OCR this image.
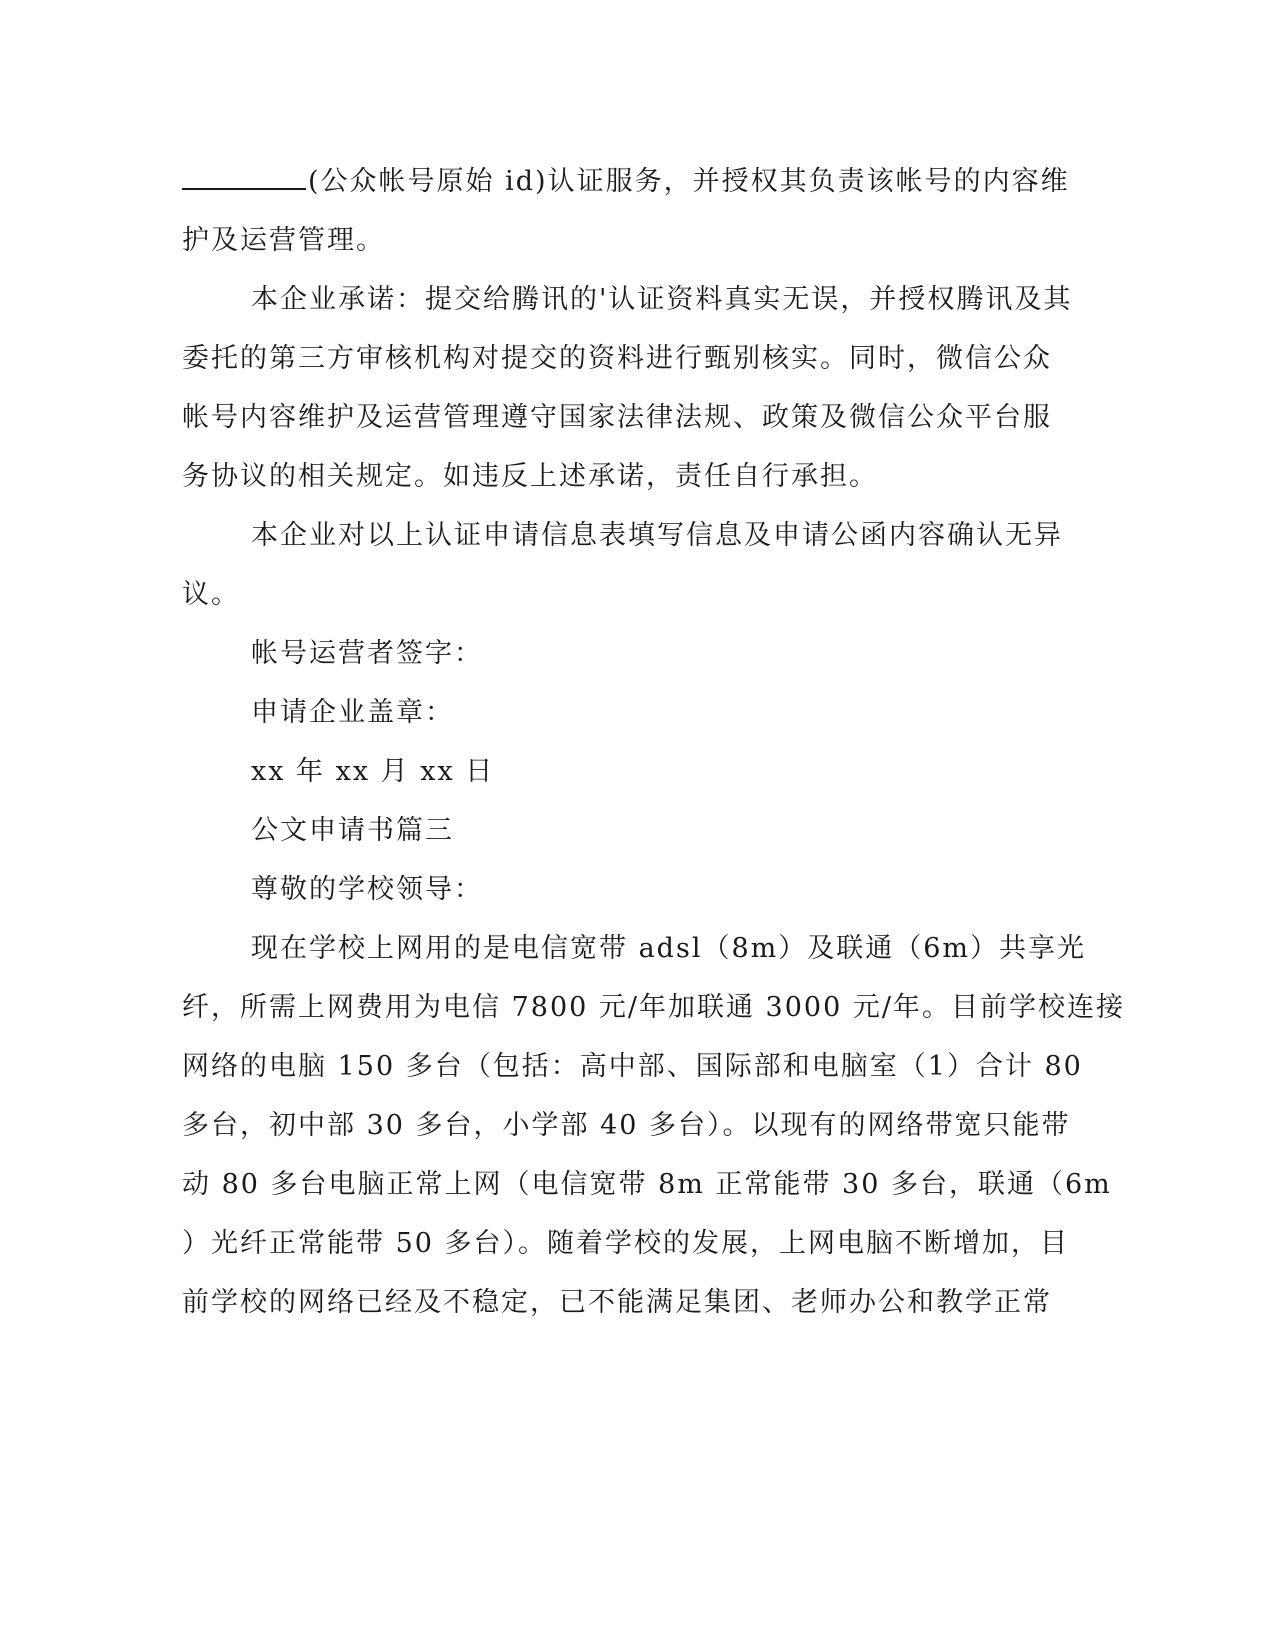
(公众帐号原始 id)认证服务，并授权其负责该帐号的内容维
护及运营管理。
本企业承诺：提交给腾讯的'认证资料真实无误，并授权腾讯及其
委托的第三方审核机构对提交的资料进行甄别核实。同时，微信公众
帐号内容维护及运营管理遵守国家法律法规、政策及微信公众平台服
务协议的相关规定。如违反上述承诺，责任自行承担。
本企业对以上认证申请信息表填写信息及申请公函内容确认无异
议。
帐号运营者签字：
申请企业盖章：
xx 年 xx 月 xx 日
公文申请书篇三
尊敬的学校领导：
现在学校上网用的是电信宽带 adsl（8m）及联通（6m）共享光
纤，所需上网费用为电信 7800 元/年加联通 3000 元/年。目前学校连接
网络的电脑 150 多台（包括：高中部、国际部和电脑室（1）合计 80
多台，初中部 30 多台，小学部 40 多台）。以现有的网络带宽只能带
动 80 多台电脑正常上网（电信宽带 8m 正常能带 30 多台，联通（6m
）光纤正常能带 50 多台）。随着学校的发展，上网电脑不断增加，目
前学校的网络已经及不稳定，已不能满足集团、老师办公和教学正常
